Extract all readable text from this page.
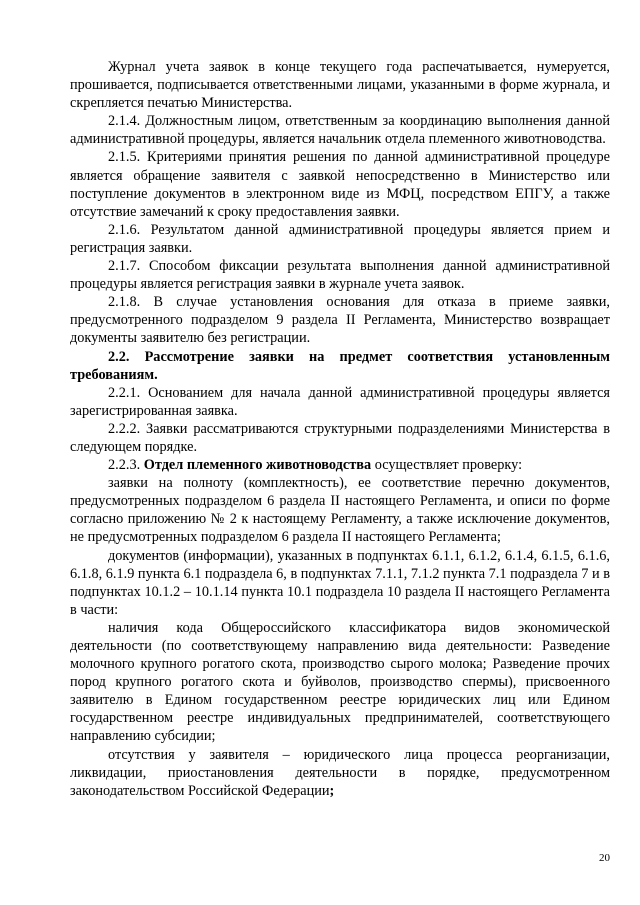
Журнал учета заявок в конце текущего года распечатывается, нумеруется, прошивается, подписывается ответственными лицами, указанными в форме журнала, и скрепляется печатью Министерства.

2.1.4. Должностным лицом, ответственным за координацию выполнения данной административной процедуры, является начальник отдела племенного животноводства.

2.1.5. Критериями принятия решения по данной административной процедуре является обращение заявителя с заявкой непосредственно в Министерство или поступление документов в электронном виде из МФЦ, посредством ЕПГУ, а также отсутствие замечаний к сроку предоставления заявки.

2.1.6. Результатом данной административной процедуры является прием и регистрация заявки.

2.1.7. Способом фиксации результата выполнения данной административной процедуры является регистрация заявки в журнале учета заявок.

2.1.8. В случае установления основания для отказа в приеме заявки, предусмотренного подразделом 9 раздела II Регламента, Министерство возвращает документы заявителю без регистрации.

2.2. Рассмотрение заявки на предмет соответствия установленным требованиям.

2.2.1. Основанием для начала данной административной процедуры является зарегистрированная заявка.

2.2.2. Заявки рассматриваются структурными подразделениями Министерства в следующем порядке.

2.2.3. Отдел племенного животноводства осуществляет проверку:

заявки на полноту (комплектность), ее соответствие перечню документов, предусмотренных подразделом 6 раздела II настоящего Регламента, и описи по форме согласно приложению № 2 к настоящему Регламенту, а также исключение документов, не предусмотренных подразделом 6 раздела II настоящего Регламента;

документов (информации), указанных в подпунктах 6.1.1, 6.1.2, 6.1.4, 6.1.5, 6.1.6, 6.1.8, 6.1.9 пункта 6.1 подраздела 6, в подпунктах 7.1.1, 7.1.2 пункта 7.1 подраздела 7 и в подпунктах 10.1.2 – 10.1.14 пункта 10.1 подраздела 10 раздела II настоящего Регламента в части:

наличия кода Общероссийского классификатора видов экономической деятельности (по соответствующему направлению вида деятельности: Разведение молочного крупного рогатого скота, производство сырого молока; Разведение прочих пород крупного рогатого скота и буйволов, производство спермы), присвоенного заявителю в Едином государственном реестре юридических лиц или Едином государственном реестре индивидуальных предпринимателей, соответствующего направлению субсидии;

отсутствия у заявителя – юридического лица процесса реорганизации, ликвидации, приостановления деятельности в порядке, предусмотренном законодательством Российской Федерации;

20
